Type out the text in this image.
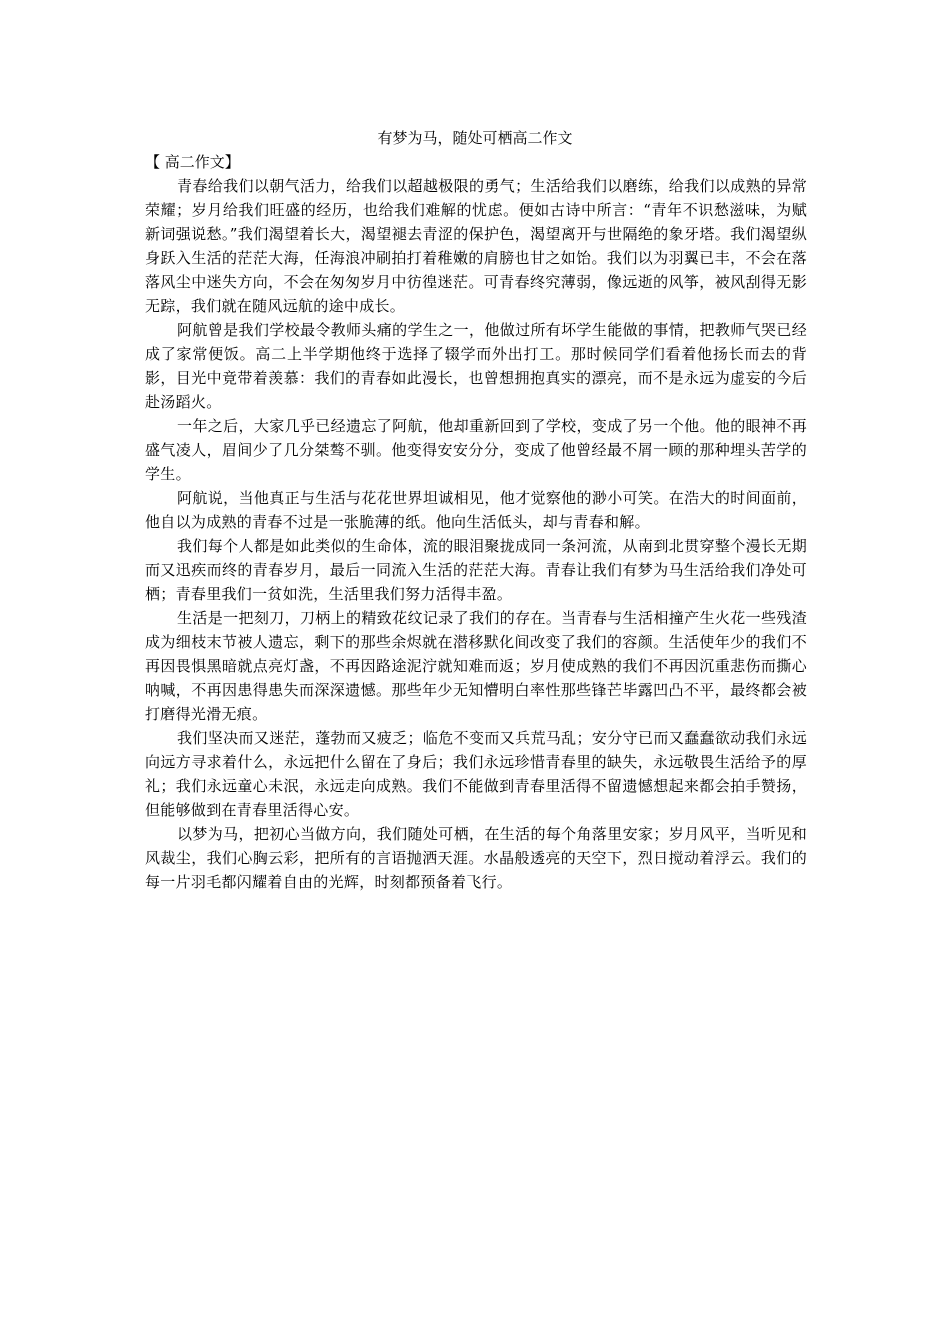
有梦为马，随处可栖高二作文
【 高二作文】

青春给我们以朝气活力，给我们以超越极限的勇气；生活给我们以磨练，给我们以成熟的异常荣耀；岁月给我们旺盛的经历，也给我们难解的忧虑。便如古诗中所言：“青年不识愁滋味，为赋新词强说愁。”我们渴望着长大，渴望褪去青涩的保护色，渴望离开与世隔绝的象牙塔。我们渴望纵身跃入生活的茫茫大海，任海浪冲刷拍打着稚嫩的肩膀也甘之如饴。我们以为羽翼已丰，不会在落落风尘中迷失方向，不会在匆匆岁月中彷徨迷茫。可青春终究薄弱，像远逝的风筝，被风刮得无影无踪，我们就在随风远航的途中成长。

阿航曾是我们学校最令教师头痛的学生之一，他做过所有坏学生能做的事情，把教师气哭已经成了家常便饭。高二上半学期他终于选择了辍学而外出打工。那时候同学们看着他扬长而去的背影，目光中竟带着羡慕：我们的青春如此漫长，也曾想拥抱真实的漂亮，而不是永远为虚妄的今后赴汤蹈火。

一年之后，大家几乎已经遗忘了阿航，他却重新回到了学校，变成了另一个他。他的眼神不再盛气凌人，眉间少了几分桀骜不驯。他变得安安分分，变成了他曾经最不屑一顾的那种埋头苦学的学生。

阿航说，当他真正与生活与花花世界坦诚相见，他才觉察他的渺小可笑。在浩大的时间面前，他自以为成熟的青春不过是一张脆薄的纸。他向生活低头，却与青春和解。

我们每个人都是如此类似的生命体，流的眼泪聚拢成同一条河流，从南到北贯穿整个漫长无期而又迅疾而终的青春岁月，最后一同流入生活的茫茫大海。青春让我们有梦为马生活给我们净处可栖；青春里我们一贫如洗，生活里我们努力活得丰盈。

生活是一把刻刀，刀柄上的精致花纹记录了我们的存在。当青春与生活相撞产生火花一些残渣成为细枝末节被人遗忘，剩下的那些余烬就在潜移默化间改变了我们的容颜。生活使年少的我们不再因畏惧黑暗就点亮灯盏，不再因路途泥泞就知难而返；岁月使成熟的我们不再因沉重悲伤而撕心呐喊，不再因患得患失而深深遗憾。那些年少无知懵明白率性那些锋芒毕露凹凸不平，最终都会被打磨得光滑无痕。

我们坚决而又迷茫，蓬勃而又疲乏；临危不变而又兵荒马乱；安分守已而又蠢蠢欲动我们永远向远方寻求着什么，永远把什么留在了身后；我们永远珍惜青春里的缺失，永远敬畏生活给予的厚礼；我们永远童心未泯，永远走向成熟。我们不能做到青春里活得不留遗憾想起来都会拍手赞扬，但能够做到在青春里活得心安。

以梦为马，把初心当做方向，我们随处可栖，在生活的每个角落里安家；岁月风平，当听见和风裁尘，我们心胸云彩，把所有的言语抛洒天涯。水晶般透亮的天空下，烈日搅动着浮云。我们的每一片羽毛都闪耀着自由的光辉，时刻都预备着飞行。
